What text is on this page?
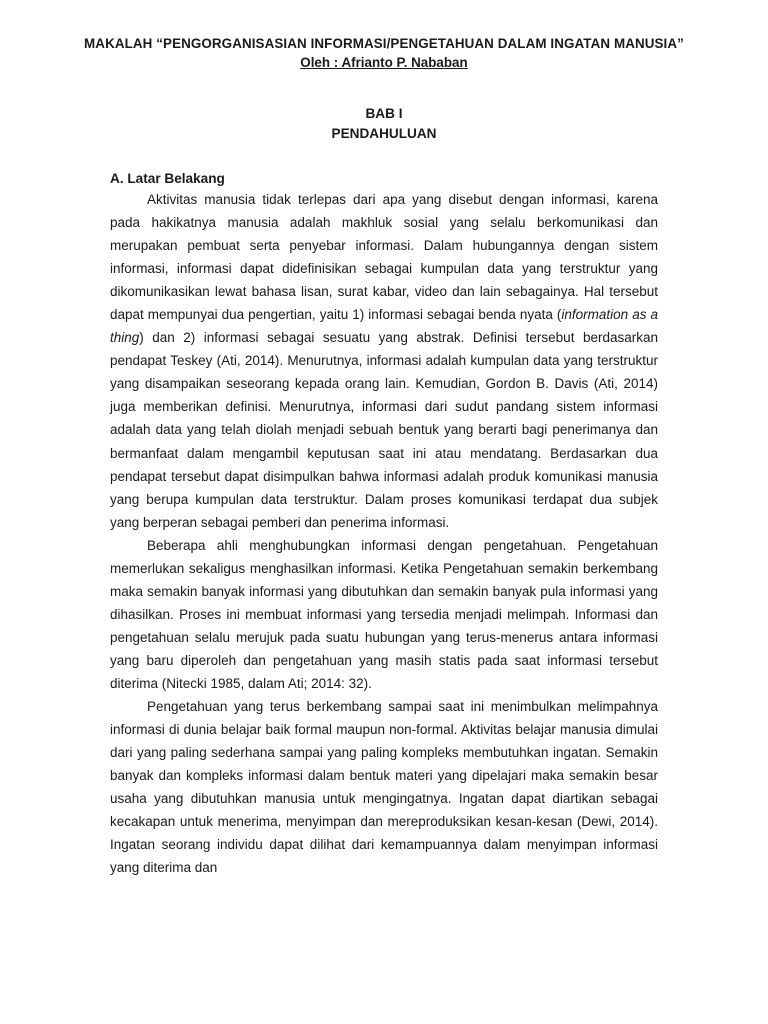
MAKALAH “PENGORGANISASIAN INFORMASI/PENGETAHUAN DALAM INGATAN MANUSIA”
Oleh : Afrianto P. Nababan
BAB I
PENDAHULUAN
A. Latar Belakang

Aktivitas manusia tidak terlepas dari apa yang disebut dengan informasi, karena pada hakikatnya manusia adalah makhluk sosial yang selalu berkomunikasi dan merupakan pembuat serta penyebar informasi. Dalam hubungannya dengan sistem informasi, informasi dapat didefinisikan sebagai kumpulan data yang terstruktur yang dikomunikasikan lewat bahasa lisan, surat kabar, video dan lain sebagainya. Hal tersebut dapat mempunyai dua pengertian, yaitu 1) informasi sebagai benda nyata (information as a thing) dan 2) informasi sebagai sesuatu yang abstrak. Definisi tersebut berdasarkan pendapat Teskey (Ati, 2014). Menurutnya, informasi adalah kumpulan data yang terstruktur yang disampaikan seseorang kepada orang lain. Kemudian, Gordon B. Davis (Ati, 2014) juga memberikan definisi. Menurutnya, informasi dari sudut pandang sistem informasi adalah data yang telah diolah menjadi sebuah bentuk yang berarti bagi penerimanya dan bermanfaat dalam mengambil keputusan saat ini atau mendatang. Berdasarkan dua pendapat tersebut dapat disimpulkan bahwa informasi adalah produk komunikasi manusia yang berupa kumpulan data terstruktur. Dalam proses komunikasi terdapat dua subjek yang berperan sebagai pemberi dan penerima informasi.

Beberapa ahli menghubungkan informasi dengan pengetahuan. Pengetahuan memerlukan sekaligus menghasilkan informasi. Ketika Pengetahuan semakin berkembang maka semakin banyak informasi yang dibutuhkan dan semakin banyak pula informasi yang dihasilkan. Proses ini membuat informasi yang tersedia menjadi melimpah. Informasi dan pengetahuan selalu merujuk pada suatu hubungan yang terus-menerus antara informasi yang baru diperoleh dan pengetahuan yang masih statis pada saat informasi tersebut diterima (Nitecki 1985, dalam Ati; 2014: 32).

Pengetahuan yang terus berkembang sampai saat ini menimbulkan melimpahnya informasi di dunia belajar baik formal maupun non-formal. Aktivitas belajar manusia dimulai dari yang paling sederhana sampai yang paling kompleks membutuhkan ingatan. Semakin banyak dan kompleks informasi dalam bentuk materi yang dipelajari maka semakin besar usaha yang dibutuhkan manusia untuk mengingatnya. Ingatan dapat diartikan sebagai kecakapan untuk menerima, menyimpan dan mereproduksikan kesan-kesan (Dewi, 2014). Ingatan seorang individu dapat dilihat dari kemampuannya dalam menyimpan informasi yang diterima dan
